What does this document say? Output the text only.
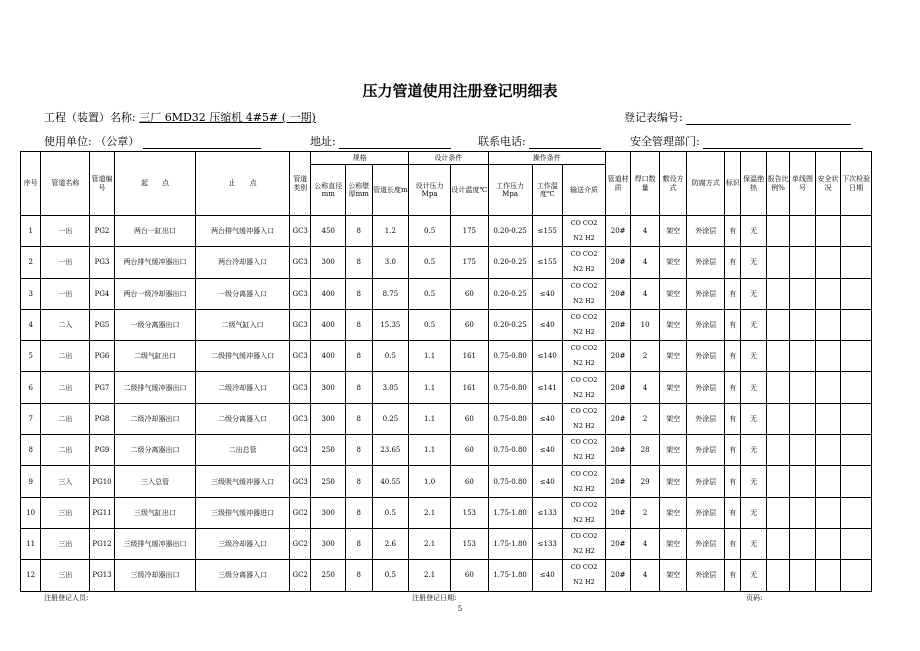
压力管道使用注册登记明细表
工程（装置）名称: 三厂 6MD32 压缩机 4#5# ( 一期)	登记表编号:
使用单位: （公章）	地址:	联系电话:	安全管理部门:
序号	管道名称	管道编号	起　　点	止　　点	管道类别	规格			设计条件		操作条件			管道材质	焊口数量	敷设方式	防腐方式	标识	保温绝热	报告比例%	单线图号	安全状况	下次检验日期
						公称直径mm	公称壁厚mm	管道长度m	设计压力Mpa	设计温度℃	工作压力Mpa	工作温度℃	输送介质										
1	一出	PG2	两台一缸出口	两台排气缓冲器入口	GC3	450	8	1.2	0.5	175	0.20-0.25	≤155	CO CO2
N2 H2	20#	4	架空	外涂层	有	无				
2	一出	PG3	两台排气缓冲器出口	两台冷却器入口	GC3	300	8	3.0	0.5	175	0.20-0.25	≤155	CO CO2
N2 H2	20#	4	架空	外涂层	有	无				
3	一出	PG4	两台一级冷却器出口	一级分离器入口	GC3	400	8	8.75	0.5	60	0.20-0.25	≤40	CO CO2
N2 H2	20#	4	架空	外涂层	有	无				
4	二入	PG5	一级分离器出口	二级气缸入口	GC3	400	8	15.35	0.5	60	0.20-0.25	≤40	CO CO2
N2 H2	20#	10	架空	外涂层	有	无				
5	二出	PG6	二级气缸出口	二级排气缓冲器入口	GC3	400	8	0.5	1.1	161	0.75-0.80	≤140	CO CO2
N2 H2	20#	2	架空	外涂层	有	无				
6	二出	PG7	二级排气缓冲器出口	二级冷却器入口	GC3	300	8	3.05	1.1	161	0.75-0.80	≤141	CO CO2
N2 H2	20#	4	架空	外涂层	有	无				
7	二出	PG8	二级冷却器出口	二级分离器入口	GC3	300	8	0.25	1.1	60	0.75-0.80	≤40	CO CO2
N2 H2	20#	2	架空	外涂层	有	无				
8	二出	PG9	二级分离器出口	二出总管	GC3	250	8	23.65	1.1	60	0.75-0.80	≤40	CO CO2
N2 H2	20#	28	架空	外涂层	有	无				
9	三入	PG10	三入总管	三级吸气缓冲器入口	GC3	250	8	40.55	1.0	60	0.75-0.80	≤40	CO CO2
N2 H2	20#	29	架空	外涂层	有	无				
10	三出	PG11	三级气缸出口	三级排气缓冲器进口	GC2	300	8	0.5	2.1	153	1.75-1.80	≤133	CO CO2
N2 H2	20#	2	架空	外涂层	有	无				
11	三出	PG12	三级排气缓冲器出口	三级冷却器入口	GC2	300	8	2.6	2.1	153	1.75-1.80	≤133	CO CO2
N2 H2	20#	4	架空	外涂层	有	无				
12	三出	PG13	三级冷却器出口	三级分离器入口	GC2	250	8	0.5	2.1	60	1.75-1.80	≤40	CO CO2
N2 H2	20#	4	架空	外涂层	有	无				
注册登记人员:	注册登记日期:	页码:
5
